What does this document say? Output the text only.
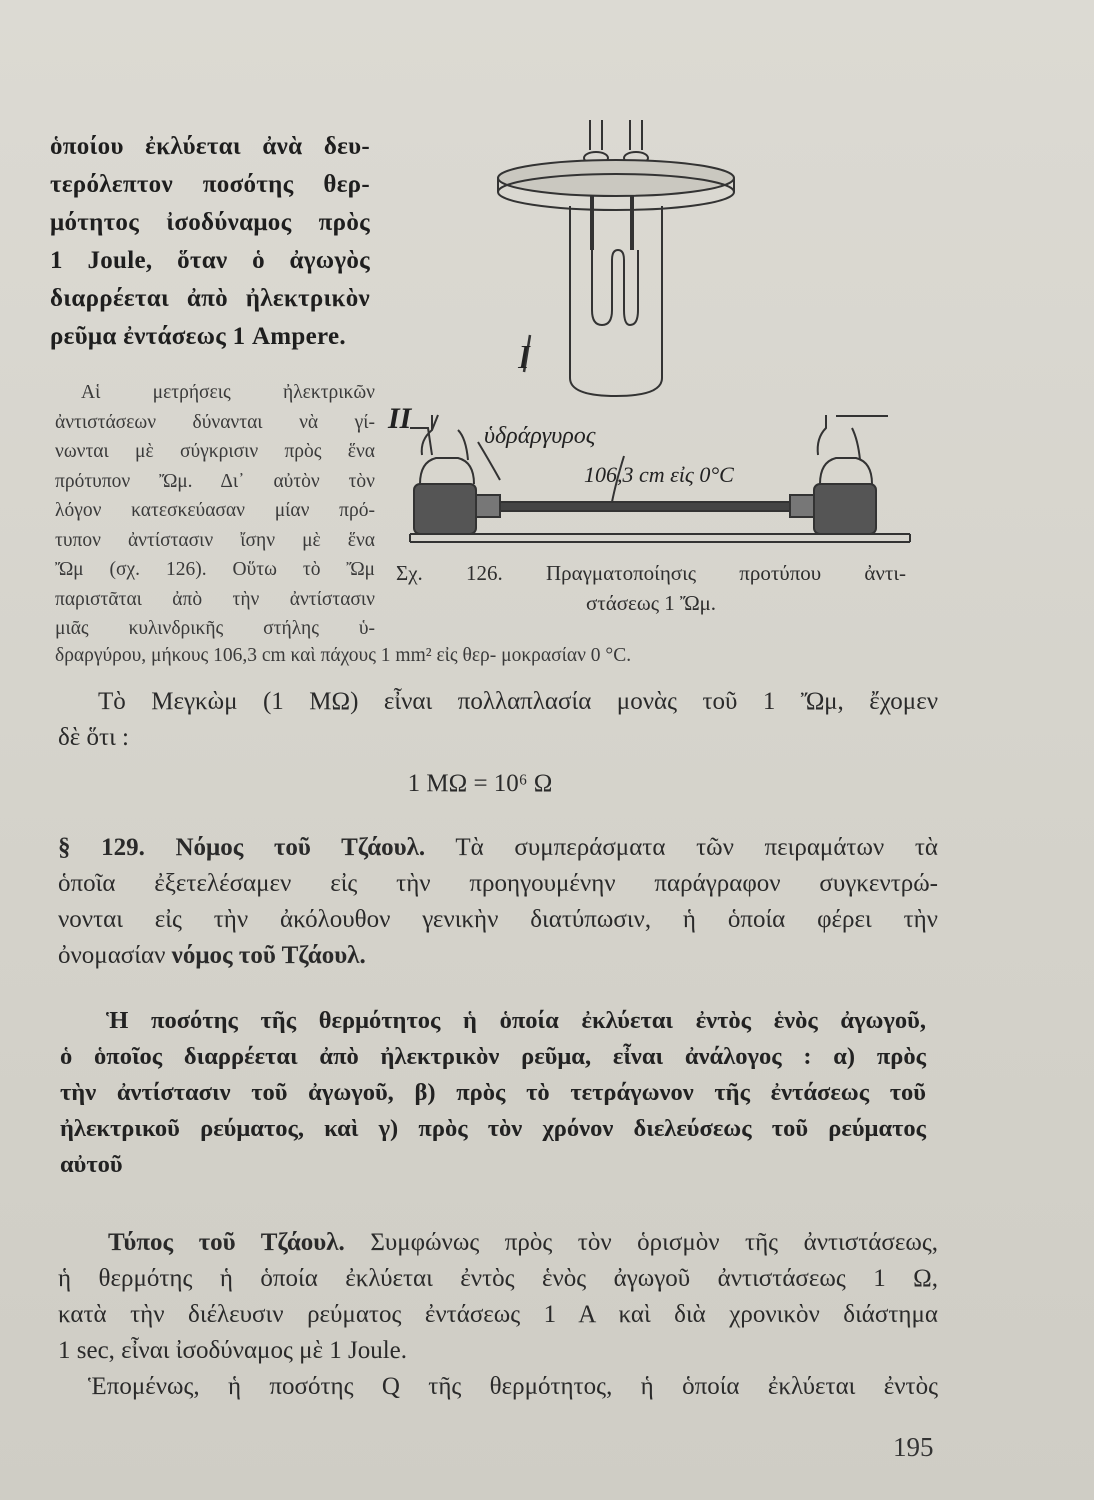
ὁποίου ἐκλύεται ἀνὰ δευ-
τερόλεπτον ποσότης θερ-
μότητος ἰσοδύναμος πρὸς
1 Joule, ὅταν ὁ ἀγωγὸς
διαρρέεται ἀπὸ ἠλεκτρικὸν
ρεῦμα ἐντάσεως 1 Ampere.
Αἱ μετρήσεις ἠλεκτρικῶν
ἀντιστάσεων δύνανται νὰ γί-
νωνται μὲ σύγκρισιν πρὸς ἕνα
πρότυπον Ὤμ. Δι᾽ αὐτὸν τὸν
λόγον κατεσκεύασαν μίαν πρό-
τυπον ἀντίστασιν ἴσην μὲ ἕνα
Ὤμ (σχ. 126). Οὕτω τὸ Ὤμ
παριστᾶται ἀπὸ τὴν ἀντίστασιν
μιᾶς κυλινδρικῆς στήλης ὑ-
δραργύρου, μήκους 106,3 cm καὶ πάχους 1 mm² εἰς θερ- μοκρασίαν 0 °C.
I
II
ὑδράργυρος
106,3 cm εἰς 0°C
Σχ. 126. Πραγματοποίησις προτύπου ἀντι-
στάσεως 1 Ὤμ.
Τὸ Μεγκὼμ (1 ΜΩ) εἶναι πολλαπλασία μονὰς τοῦ 1 Ὤμ, ἔχομεν
δὲ ὅτι :
1 ΜΩ = 10⁶ Ω
§ 129. Νόμος τοῦ Τζάουλ. Τὰ συμπεράσματα τῶν πειραμάτων τὰ
ὁποῖα ἐξετελέσαμεν εἰς τὴν προηγουμένην παράγραφον συγκεντρώ-
νονται εἰς τὴν ἀκόλουθον γενικὴν διατύπωσιν, ἡ ὁποία φέρει τὴν
ὀνομασίαν νόμος τοῦ Τζάουλ.
Ἡ ποσότης τῆς θερμότητος ἡ ὁποία ἐκλύεται ἐντὸς ἑνὸς ἀγωγοῦ,
ὁ ὁποῖος διαρρέεται ἀπὸ ἠλεκτρικὸν ρεῦμα, εἶναι ἀνάλογος : α) πρὸς
τὴν ἀντίστασιν τοῦ ἀγωγοῦ, β) πρὸς τὸ τετράγωνον τῆς ἐντάσεως τοῦ
ἠλεκτρικοῦ ρεύματος, καὶ γ) πρὸς τὸν χρόνον διελεύσεως τοῦ ρεύματος
αὐτοῦ
Τύπος τοῦ Τζάουλ. Συμφώνως πρὸς τὸν ὁρισμὸν τῆς ἀντιστάσεως,
ἡ θερμότης ἡ ὁποία ἐκλύεται ἐντὸς ἑνὸς ἀγωγοῦ ἀντιστάσεως 1 Ω,
κατὰ τὴν διέλευσιν ρεύματος ἐντάσεως 1 Α καὶ διὰ χρονικὸν διάστημα
1 sec, εἶναι ἰσοδύναμος μὲ 1 Joule.
Ἑπομένως, ἡ ποσότης Q τῆς θερμότητος, ἡ ὁποία ἐκλύεται ἐντὸς
195
